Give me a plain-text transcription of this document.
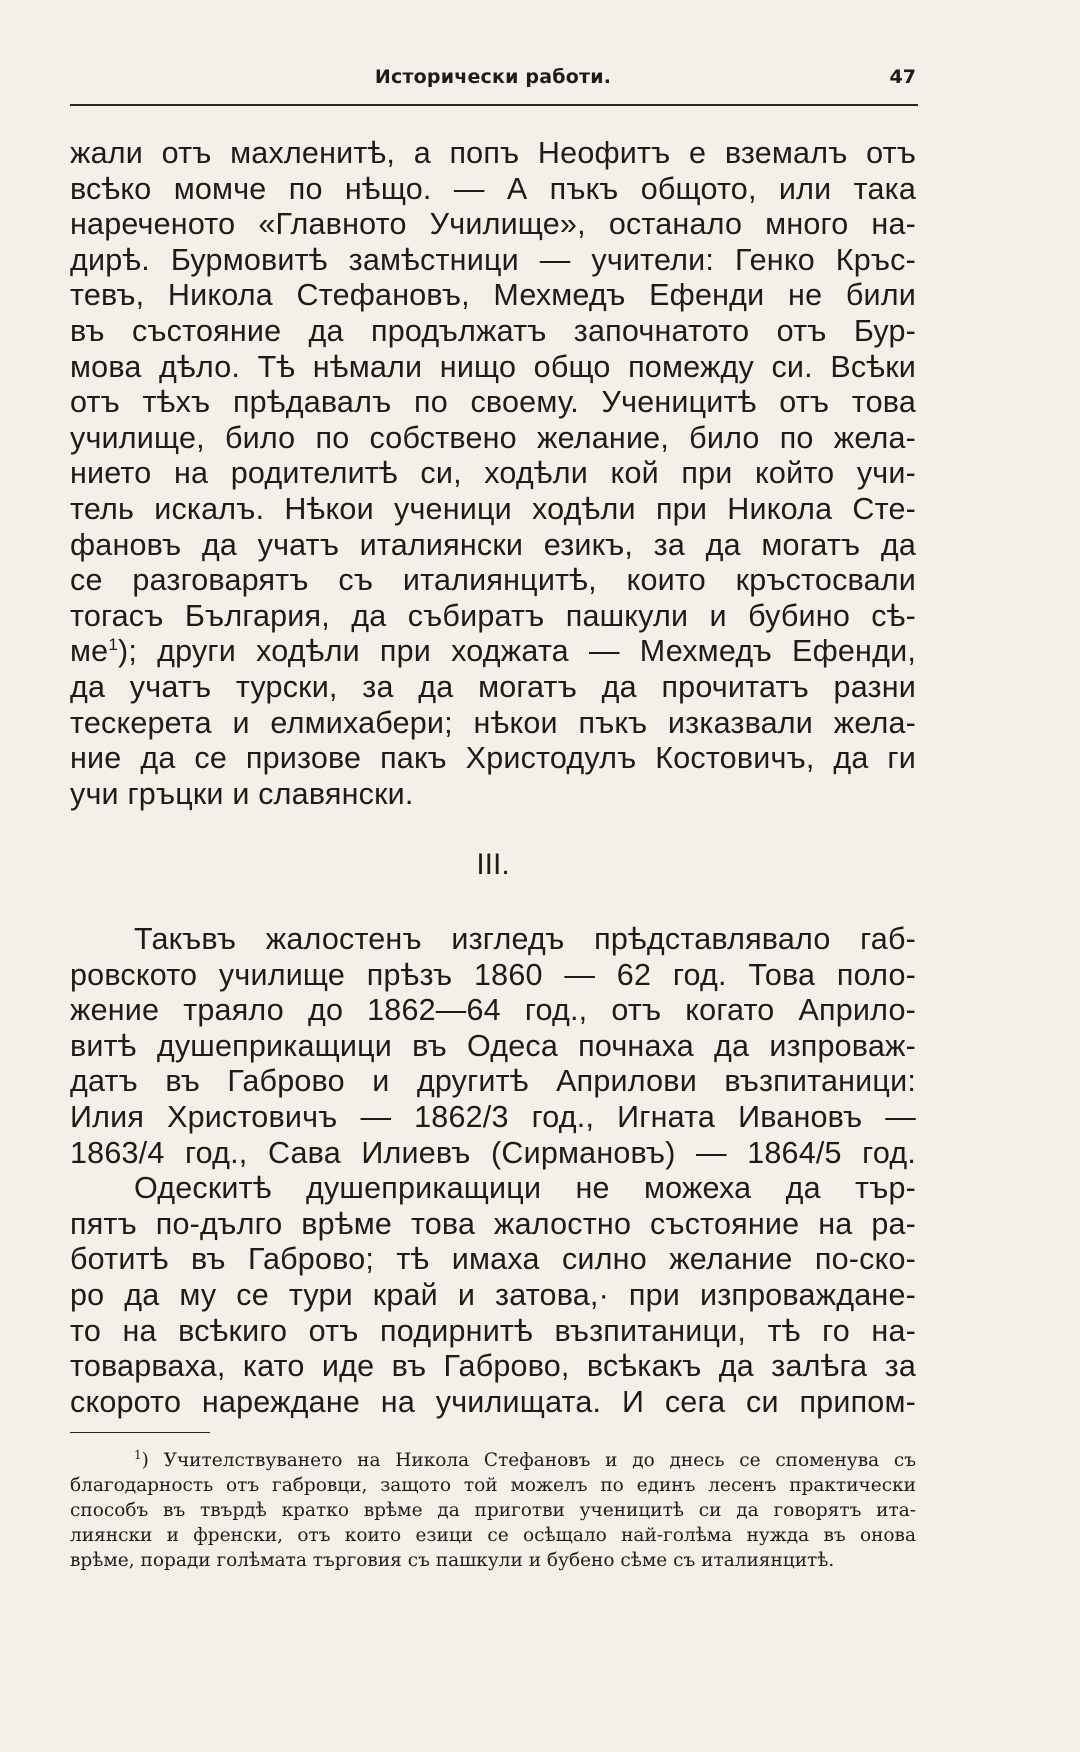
Исторически работи.	47
жали отъ махленитѣ, а попъ Неофитъ е вземалъ отъ
всѣко момче по нѣщо. — А пъкъ общото, или така
нареченото «Главното Училище», останало много на-
дирѣ. Бурмовитѣ замѣстници — учители: Генко Кръс-
тевъ, Никола Стефановъ, Мехмедъ Ефенди не били
въ състояние да продължатъ започнатото отъ Бур-
мова дѣло. Тѣ нѣмали нищо общо помежду си. Всѣки
отъ тѣхъ прѣдавалъ по своему. Ученицитѣ отъ това
училище, било по собствено желание, било по жела-
нието на родителитѣ си, ходѣли кой при който учи-
тель искалъ. Нѣкои ученици ходѣли при Никола Сте-
фановъ да учатъ италиянски езикъ, за да могатъ да
се разговарятъ съ италиянцитѣ, които кръстосвали
тогасъ България, да събиратъ пашкули и бубино сѣ-
ме$^1$); други ходѣли при ходжата — Мехмедъ Ефенди,
да учатъ турски, за да могатъ да прочитатъ разни
тескерета и елмихабери; нѣкои пъкъ изказвали жела-
ние да се призове пакъ Христодулъ Костовичъ, да ги
учи гръцки и славянски.
III.
Такъвъ жалостенъ изгледъ прѣдставлявало габ-
ровското училище прѣзъ 1860 — 62 год. Това поло-
жение траяло до 1862—64 год., отъ когато Априло-
витѣ душеприкащици въ Одеса почнаха да изпроваж-
датъ въ Габрово и другитѣ Априлови възпитаници:
Илия Христовичъ — 1862/3 год., Игната Ивановъ —
1863/4 год., Сава Илиевъ (Сирмановъ) — 1864/5 год.
Одескитѣ душеприкащици не можеха да тър-
пятъ по-дълго врѣме това жалостно състояние на ра-
ботитѣ въ Габрово; тѣ имаха силно желание по-ско-
ро да му се тури край и затова,· при изпроваждане-
то на всѣкиго отъ подирнитѣ възпитаници, тѣ го на-
товарваха, като иде въ Габрово, всѣкакъ да залѣга за
скорото нареждане на училищата. И сега си припом-
$^1$) Учителствуването на Никола Стефановъ и до днесь се споменува съ
благодарность отъ габровци, защото той можелъ по единъ лесенъ практически
способъ въ твърдѣ кратко врѣме да приготви ученицитѣ си да говорятъ ита-
лиянски и френски, отъ които езици се осѣщало най-голѣма нужда въ онова
врѣме, поради голѣмата търговия съ пашкули и бубено сѣме съ италиянцитѣ.
